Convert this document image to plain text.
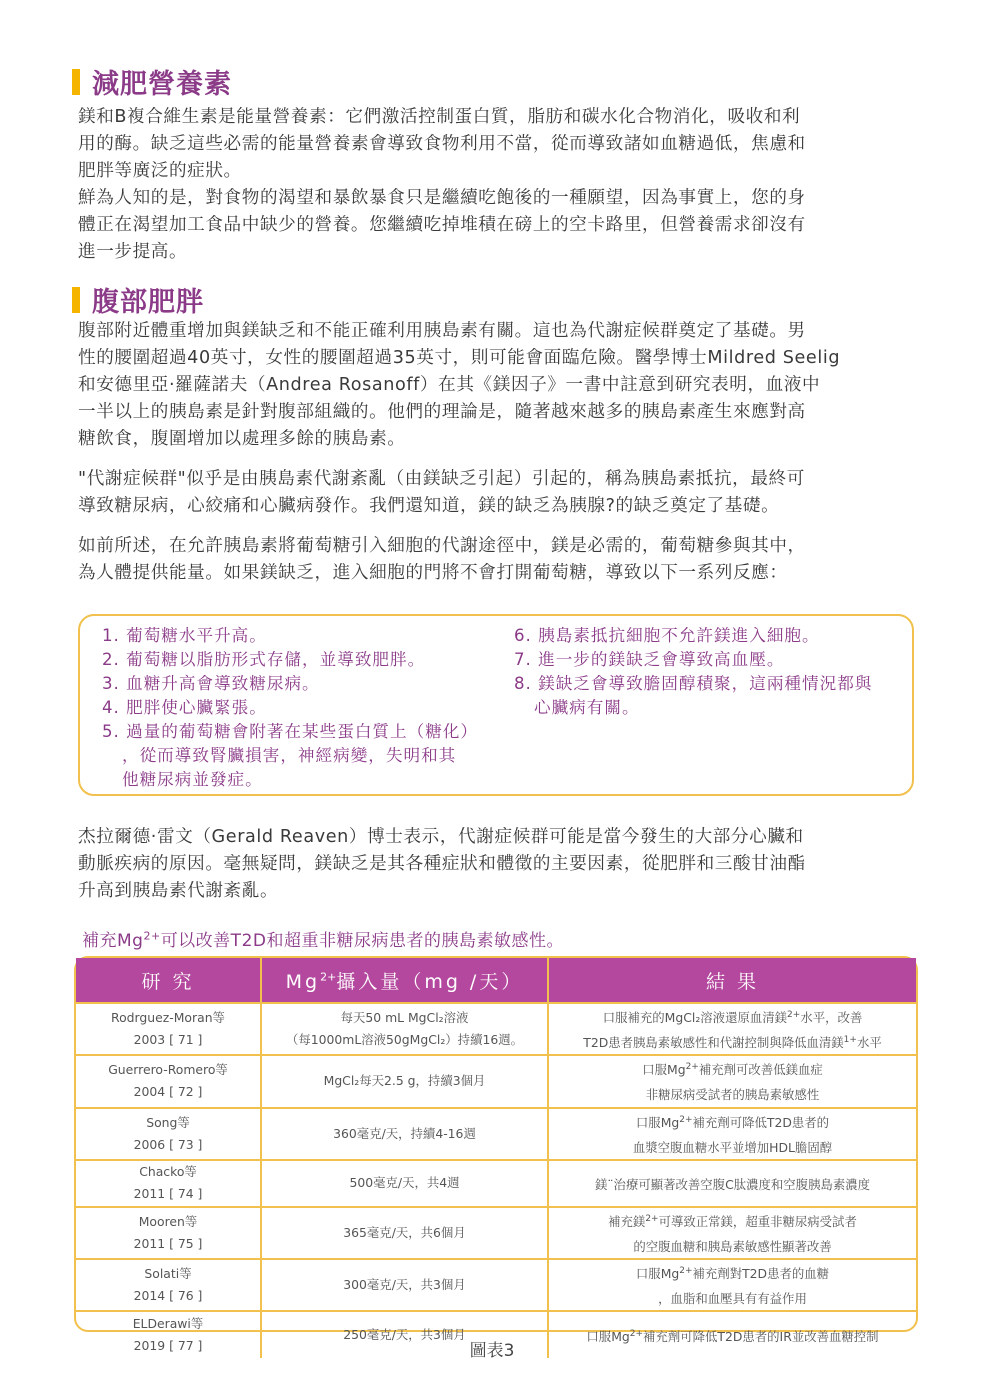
減肥營養素

鎂和B複合維生素是能量營養素：它們激活控制蛋白質，脂肪和碳水化合物消化，吸收和利
用的酶。缺乏這些必需的能量營養素會導致食物利用不當，從而導致諸如血糖過低，焦慮和
肥胖等廣泛的症狀。
鮮為人知的是，對食物的渴望和暴飲暴食只是繼續吃飽後的一種願望，因為事實上，您的身
體正在渴望加工食品中缺少的營養。您繼續吃掉堆積在磅上的空卡路里，但營養需求卻沒有
進一步提高。

腹部肥胖

腹部附近體重增加與鎂缺乏和不能正確利用胰島素有關。這也為代謝症候群奠定了基礎。男
性的腰圍超過40英寸，女性的腰圍超過35英寸，則可能會面臨危險。醫學博士Mildred Seelig
和安德里亞·羅薩諾夫（Andrea Rosanoff）在其《鎂因子》一書中註意到研究表明，血液中
一半以上的胰島素是針對腹部組織的。他們的理論是，隨著越來越多的胰島素產生來應對高
糖飲食，腹圍增加以處理多餘的胰島素。

"代謝症候群"似乎是由胰島素代謝紊亂（由鎂缺乏引起）引起的，稱為胰島素抵抗，最終可
導致糖尿病，心絞痛和心臟病發作。我們還知道，鎂的缺乏為胰腺?的缺乏奠定了基礎。

如前所述，在允許胰島素將葡萄糖引入細胞的代謝途徑中，鎂是必需的，葡萄糖參與其中，
為人體提供能量。如果鎂缺乏，進入細胞的門將不會打開葡萄糖，導致以下一系列反應：

1. 葡萄糖水平升高。
2. 葡萄糖以脂肪形式存儲，並導致肥胖。
3. 血糖升高會導致糖尿病。
4. 肥胖使心臟緊張。
5. 過量的葡萄糖會附著在某些蛋白質上（糖化）
，從而導致腎臟損害，神經病變，失明和其
他糖尿病並發症。
6. 胰島素抵抗細胞不允許鎂進入細胞。
7. 進一步的鎂缺乏會導致高血壓。
8. 鎂缺乏會導致膽固醇積聚，這兩種情況都與
心臟病有關。

杰拉爾德·雷文（Gerald Reaven）博士表示，代謝症候群可能是當今發生的大部分心臟和
動脈疾病的原因。毫無疑問，鎂缺乏是其各種症狀和體徵的主要因素，從肥胖和三酸甘油酯
升高到胰島素代謝紊亂。

補充$Mg^{2+}$可以改善T2D和超重非糖尿病患者的胰島素敏感性。
研 究	$Mg^{2+}$攝入量（mg /天）	結 果

Rodrguez-Moran等
2003 [ 71 ]	每天50 mL MgCl₂溶液
（每1000mL溶液50gMgCl₂）持續16週。	口服補充的MgCl₂溶液還原血清鎂$^{2+}$水平，改善
T2D患者胰島素敏感性和代謝控制與降低血清鎂$^{1+}$水平

Guerrero-Romero等
2004 [ 72 ]	MgCl₂每天2.5 g，持續3個月	口服$Mg^{2+}$補充劑可改善低鎂血症
非糖尿病受試者的胰島素敏感性

Song等
2006 [ 73 ]	360毫克/天，持續4-16週	口服$Mg^{2+}$補充劑可降低T2D患者的
血漿空腹血糖水平並增加HDL膽固醇

Chacko等
2011 [ 74 ]	500毫克/天，共4週	鎂¨治療可顯著改善空腹C肽濃度和空腹胰島素濃度

Mooren等
2011 [ 75 ]	365毫克/天，共6個月	補充鎂$^{2+}$可導致正常鎂，超重非糖尿病受試者
的空腹血糖和胰島素敏感性顯著改善

Solati等
2014 [ 76 ]	300毫克/天，共3個月	口服$Mg^{2+}$補充劑對T2D患者的血糖
，血脂和血壓具有有益作用

ELDerawi等
2019 [ 77 ]	250毫克/天，共3個月	口服$Mg^{2+}$補充劑可降低T2D患者的IR並改善血糖控制
圖表3
